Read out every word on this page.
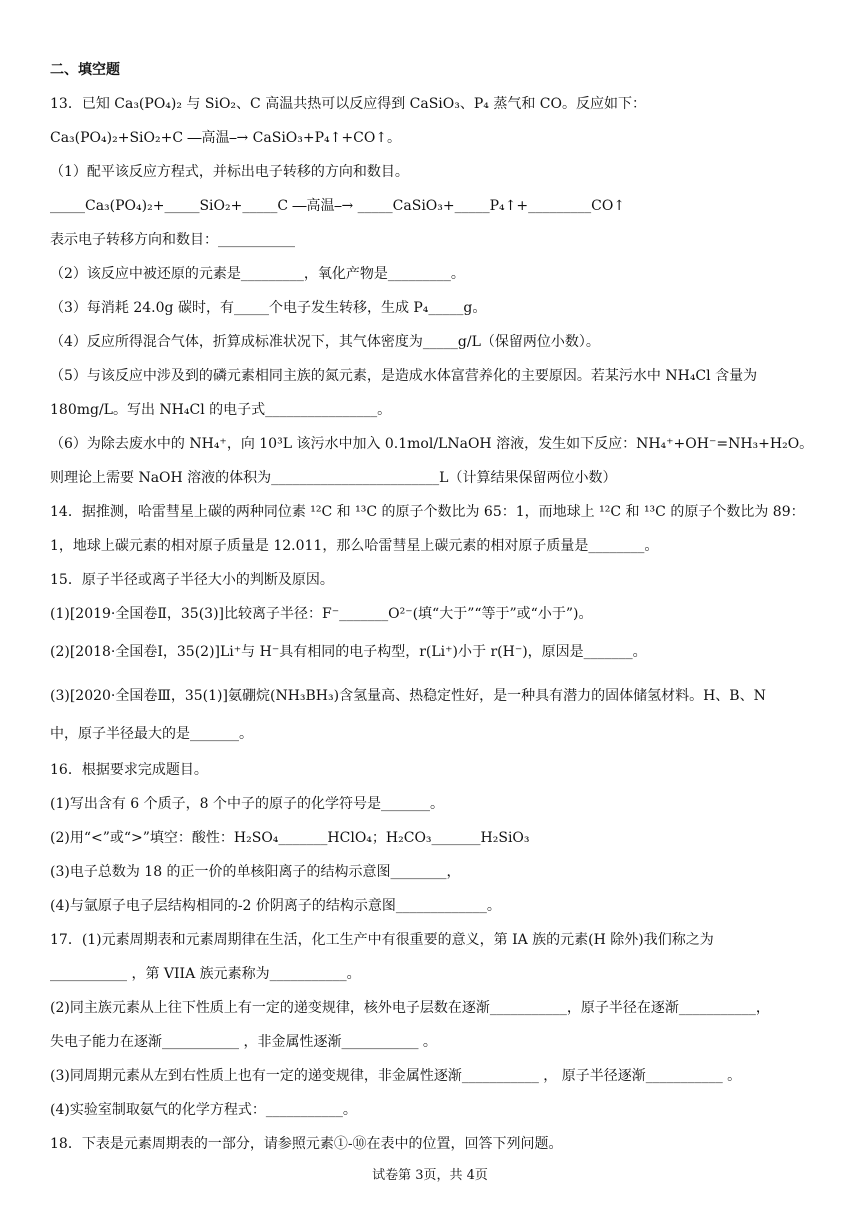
二、填空题
13．已知 Ca₃(PO₄)₂ 与 SiO₂、C 高温共热可以反应得到 CaSiO₃、P₄ 蒸气和 CO。反应如下：
Ca₃(PO₄)₂+SiO₂+C ⎯⎯高温⎯→ CaSiO₃+P₄↑+CO↑。
（1）配平该反应方程式，并标出电子转移的方向和数目。
_____Ca₃(PO₄)₂+_____SiO₂+_____C ⎯⎯高温⎯→ _____CaSiO₃+_____P₄↑+_________CO↑
表示电子转移方向和数目：___________
（2）该反应中被还原的元素是_________，氧化产物是_________。
（3）每消耗 24.0g 碳时，有_____个电子发生转移，生成 P₄_____g。
（4）反应所得混合气体，折算成标准状况下，其气体密度为_____g/L（保留两位小数）。
（5）与该反应中涉及到的磷元素相同主族的氮元素，是造成水体富营养化的主要原因。若某污水中 NH₄Cl 含量为
180mg/L。写出 NH₄Cl 的电子式________________。
（6）为除去废水中的 NH₄⁺，向 10³L 该污水中加入 0.1mol/LNaOH 溶液，发生如下反应：NH₄⁺+OH⁻=NH₃+H₂O。
则理论上需要 NaOH 溶液的体积为________________________L（计算结果保留两位小数）
14．据推测，哈雷彗星上碳的两种同位素 ¹²C 和 ¹³C 的原子个数比为 65：1，而地球上 ¹²C 和 ¹³C 的原子个数比为 89：
1，地球上碳元素的相对原子质量是 12.011，那么哈雷彗星上碳元素的相对原子质量是________。
15．原子半径或离子半径大小的判断及原因。
(1)[2019·全国卷Ⅱ，35(3)]比较离子半径：F⁻_______O²⁻(填“大于”“等于”或“小于”)。
(2)[2018·全国卷Ⅰ，35(2)]Li⁺与 H⁻具有相同的电子构型，r(Li⁺)小于 r(H⁻)，原因是_______。
(3)[2020·全国卷Ⅲ，35(1)]氨硼烷(NH₃BH₃)含氢量高、热稳定性好，是一种具有潜力的固体储氢材料。H、B、N
中，原子半径最大的是_______。
16．根据要求完成题目。
(1)写出含有 6 个质子，8 个中子的原子的化学符号是_______。
(2)用“<”或“>”填空：酸性：H₂SO₄_______HClO₄；H₂CO₃_______H₂SiO₃
(3)电子总数为 18 的正一价的单核阳离子的结构示意图________，
(4)与氩原子电子层结构相同的-2 价阴离子的结构示意图_____________。
17．(1)元素周期表和元素周期律在生活，化工生产中有很重要的意义，第 IA 族的元素(H 除外)我们称之为
___________ ，第 VIIA 族元素称为___________。
(2)同主族元素从上往下性质上有一定的递变规律，核外电子层数在逐渐___________，原子半径在逐渐___________，
失电子能力在逐渐___________ ，非金属性逐渐___________ 。
(3)同周期元素从左到右性质上也有一定的递变规律，非金属性逐渐___________ ， 原子半径逐渐___________ 。
(4)实验室制取氨气的化学方程式：___________。
18．下表是元素周期表的一部分，请参照元素①-⑩在表中的位置，回答下列问题。
试卷第 3页，共 4页
